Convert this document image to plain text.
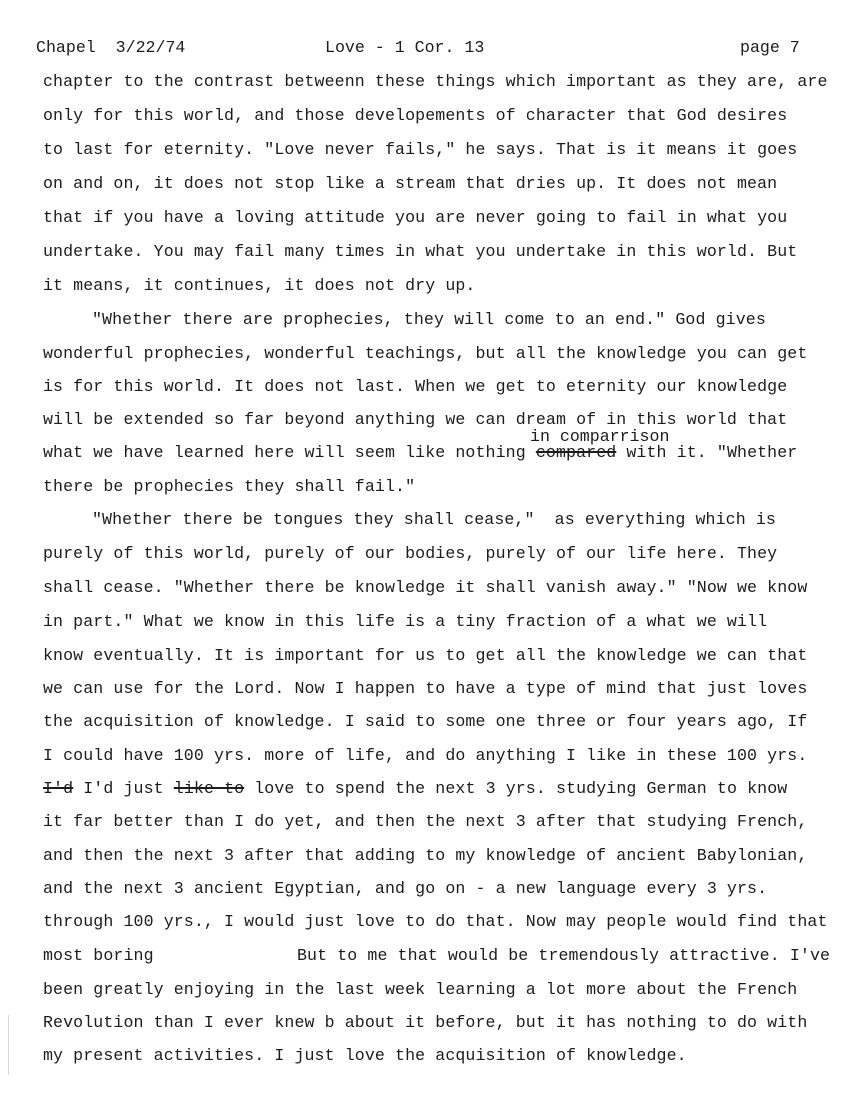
Chapel  3/22/74	Love - 1 Cor. 13	page 7
chapter to the contrast betweenn these things which important as they are, are
only for this world, and those developements of character that God desires
to last for eternity. "Love never fails," he says. That is it means it goes
on and on, it does not stop like a stream that dries up. It does not mean
that if you have a loving attitude you are never going to fail in what you
undertake. You may fail many times in what you undertake in this world. But
it means, it continues, it does not dry up.
"Whether there are prophecies, they will come to an end." God gives
wonderful prophecies, wonderful teachings, but all the knowledge you can get
is for this world. It does not last. When we get to eternity our knowledge
will be extended so far beyond anything we can dream of in this world that
in comparrison
what we have learned here will seem like nothing compared with it. "Whether
there be prophecies they shall fail."
"Whether there be tongues they shall cease,"  as everything which is
purely of this world, purely of our bodies, purely of our life here. They
shall cease. "Whether there be knowledge it shall vanish away." "Now we know
in part." What we know in this life is a tiny fraction of a what we will
know eventually. It is important for us to get all the knowledge we can that
we can use for the Lord. Now I happen to have a type of mind that just loves
the acquisition of knowledge. I said to some one three or four years ago, If
I could have 100 yrs. more of life, and do anything I like in these 100 yrs.
I'd I'd just like to love to spend the next 3 yrs. studying German to know
it far better than I do yet, and then the next 3 after that studying French,
and then the next 3 after that adding to my knowledge of ancient Babylonian,
and the next 3 ancient Egyptian, and go on - a new language every 3 yrs.
through 100 yrs., I would just love to do that. Now may people would find that
most boring	But to me that would be tremendously attractive. I've
been greatly enjoying in the last week learning a lot more about the French
Revolution than I ever knew b about it before, but it has nothing to do with
my present activities. I just love the acquisition of knowledge.
